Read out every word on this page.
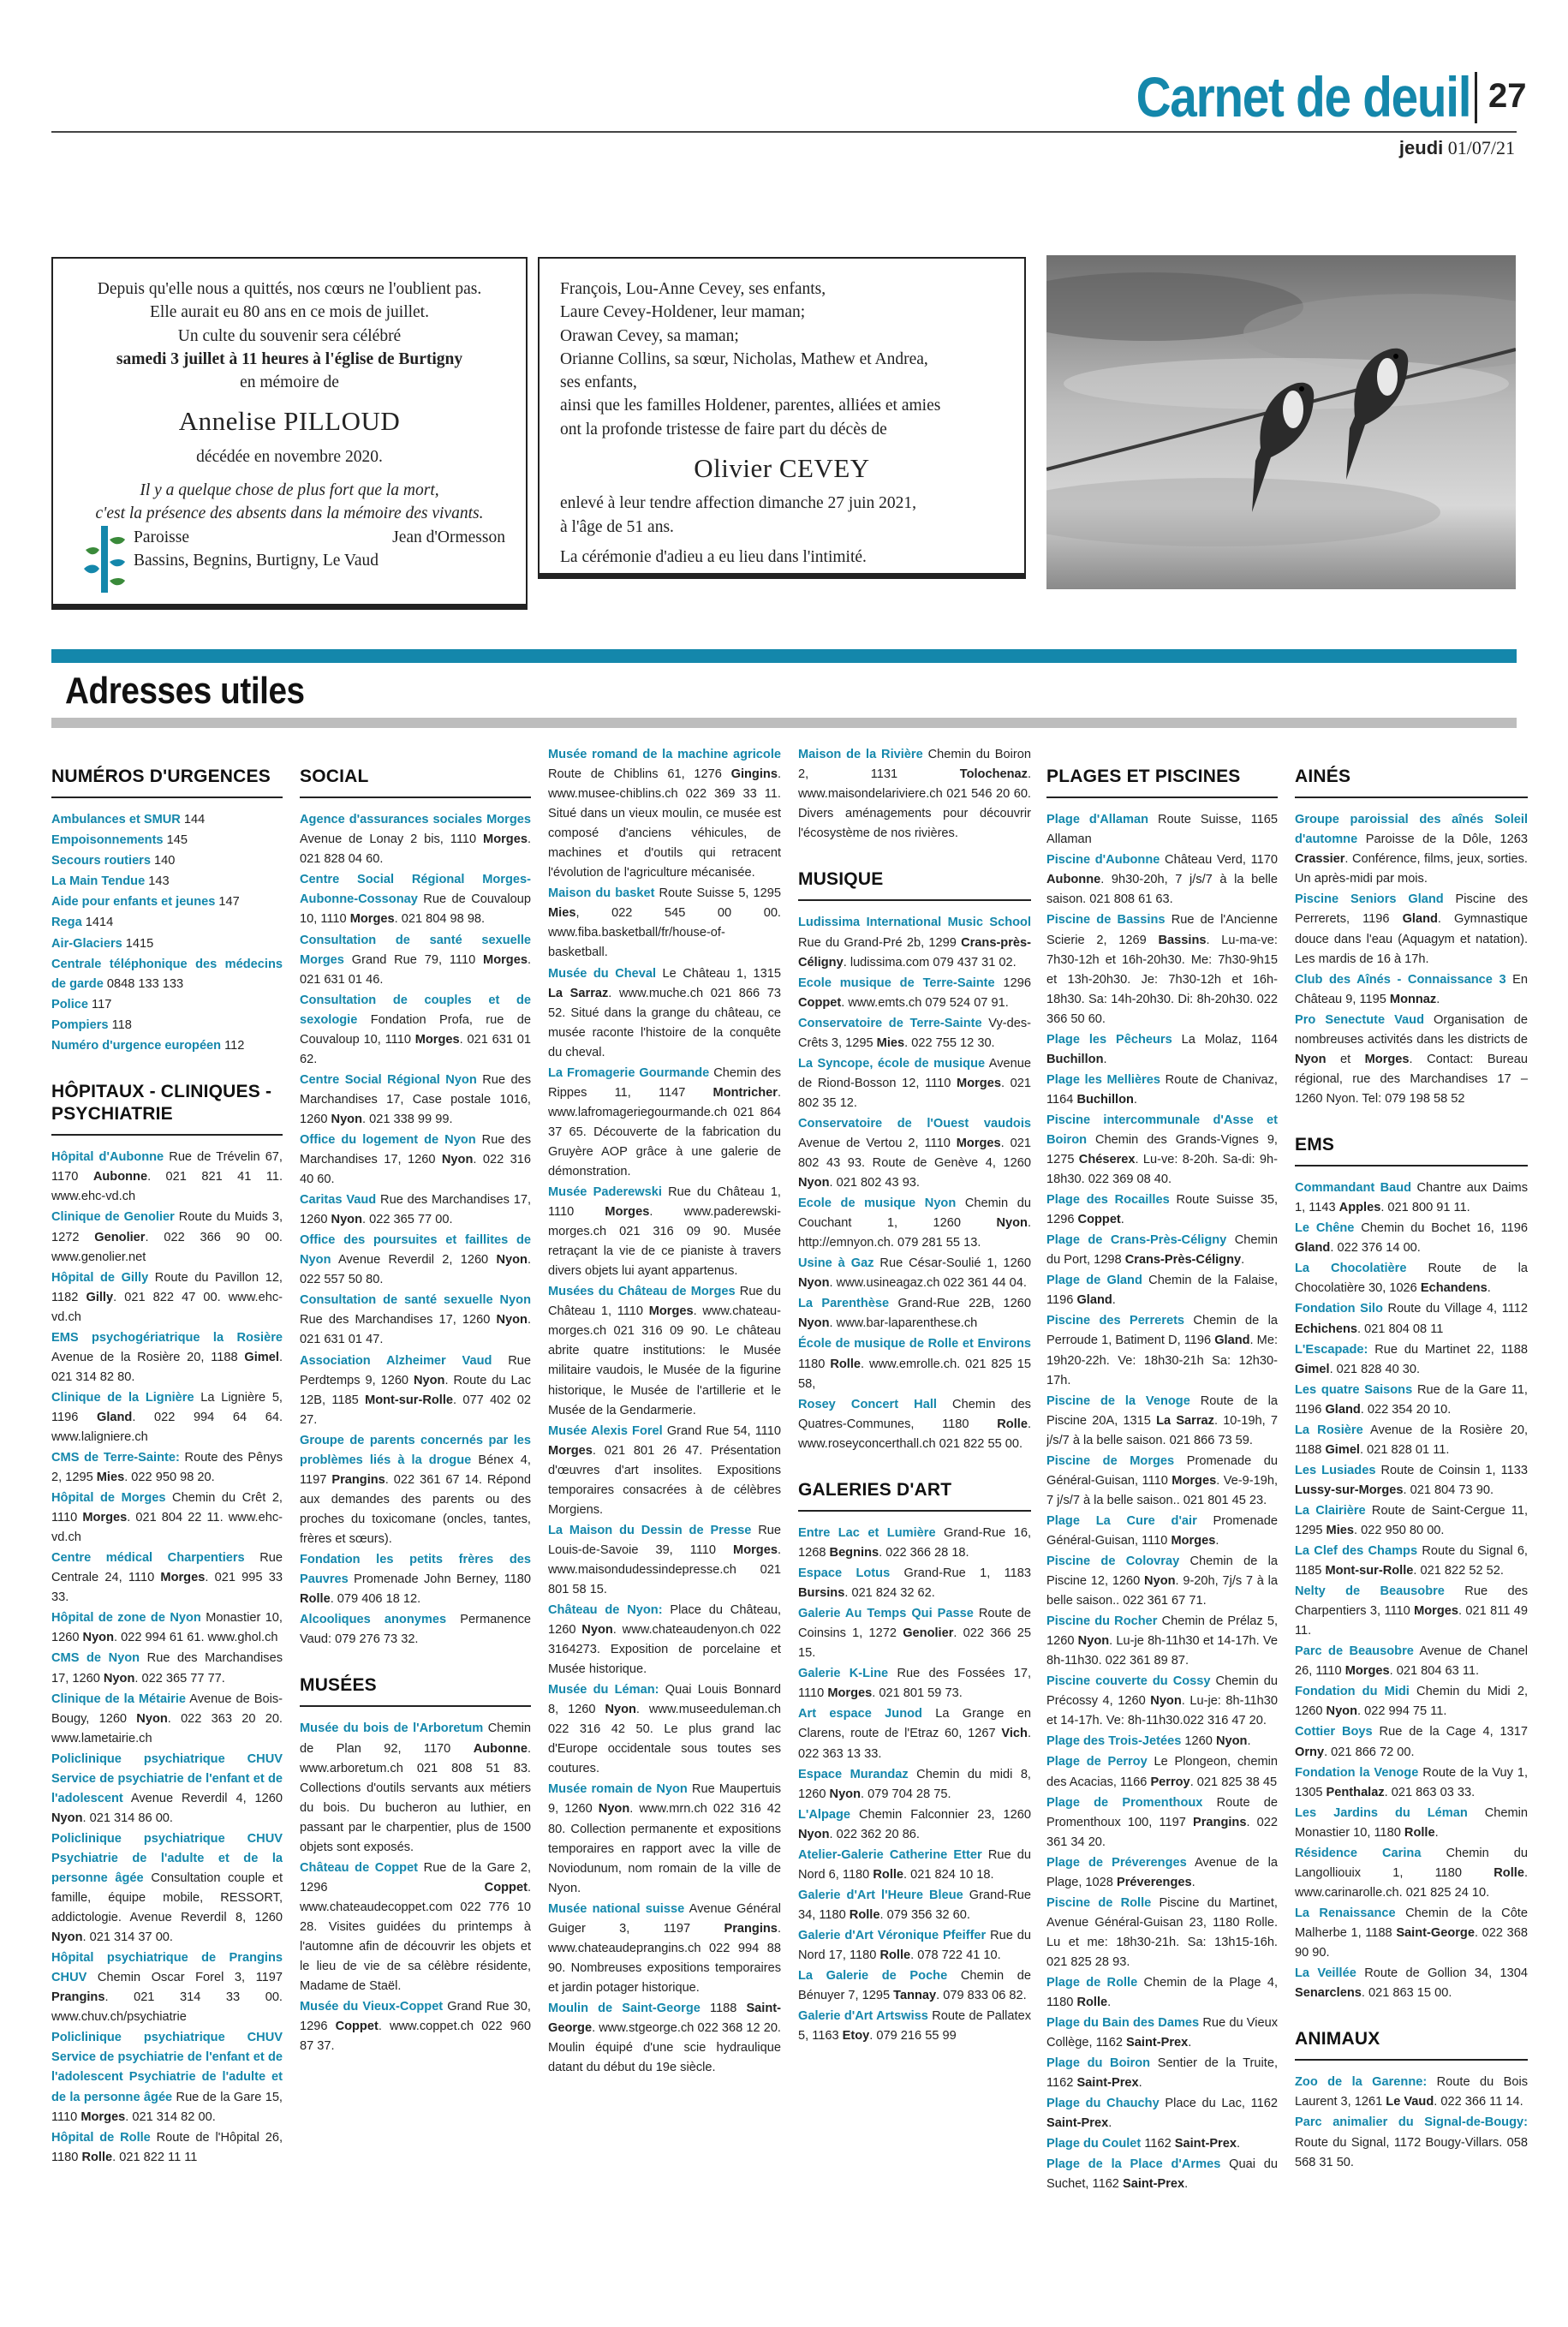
Carnet de deuil 27
jeudi 01/07/21
Depuis qu'elle nous a quittés, nos cœurs ne l'oublient pas.
Elle aurait eu 80 ans en ce mois de juillet.
Un culte du souvenir sera célébré
samedi 3 juillet à 11 heures à l'église de Burtigny
en mémoire de
Annelise PILLOUD
décédée en novembre 2020.
Il y a quelque chose de plus fort que la mort,
c'est la présence des absents dans la mémoire des vivants.
Jean d'Ormesson
Paroisse
Bassins, Begnins, Burtigny, Le Vaud

François, Lou-Anne Cevey, ses enfants,

Laure Cevey-Holdener, leur maman;

Orawan Cevey, sa maman;

Orianne Collins, sa sœur, Nicholas, Mathew et Andrea,

ses enfants,

ainsi que les familles Holdener, parentes, alliées et amies

ont la profonde tristesse de faire part du décès de

Olivier CEVEY

enlevé à leur tendre affection dimanche 27 juin 2021,

à l'âge de 51 ans.

La cérémonie d'adieu a eu lieu dans l'intimité.

Adresses utiles
NUMÉROS D'URGENCES
Ambulances et SMUR 144
Empoisonnements 145
Secours routiers 140
La Main Tendue 143
Aide pour enfants et jeunes 147
Rega 1414
Air-Glaciers 1415
Centrale téléphonique des médecins de garde 0848 133 133
Police 117
Pompiers 118
Numéro d'urgence européen 112
HÔPITAUX - CLINIQUES - PSYCHIATRIE
Hôpital d'Aubonne Rue de Trévelin 67, 1170 Aubonne. 021 821 41 11. www.ehc-vd.ch
Clinique de Genolier Route du Muids 3, 1272 Genolier. 022 366 90 00. www.genolier.net
Hôpital de Gilly Route du Pavillon 12, 1182 Gilly. 021 822 47 00. www.ehc-vd.ch
EMS psychogériatrique la Rosière Avenue de la Rosière 20, 1188 Gimel. 021 314 82 80.
Clinique de la Lignière La Lignière 5, 1196 Gland. 022 994 64 64. www.laligniere.ch
CMS de Terre-Sainte: Route des Pênys 2, 1295 Mies. 022 950 98 20.
Hôpital de Morges Chemin du Crêt 2, 1110 Morges. 021 804 22 11. www.ehc-vd.ch
Centre médical Charpentiers Rue Centrale 24, 1110 Morges. 021 995 33 33.
Hôpital de zone de Nyon Monastier 10, 1260 Nyon. 022 994 61 61. www.ghol.ch
CMS de Nyon Rue des Marchandises 17, 1260 Nyon. 022 365 77 77.
Clinique de la Métairie Avenue de Bois-Bougy, 1260 Nyon. 022 363 20 20. www.lametairie.ch
Policlinique psychiatrique CHUV Service de psychiatrie de l'enfant et de l'adolescent Avenue Reverdil 4, 1260 Nyon. 021 314 86 00.
Policlinique psychiatrique CHUV Psychiatrie de l'adulte et de la personne âgée Consultation couple et famille, équipe mobile, RESSORT, addictologie. Avenue Reverdil 8, 1260 Nyon. 021 314 37 00.
Hôpital psychiatrique de Prangins CHUV Chemin Oscar Forel 3, 1197 Prangins. 021 314 33 00. www.chuv.ch/psychiatrie
Policlinique psychiatrique CHUV Service de psychiatrie de l'enfant et de l'adolescent Psychiatrie de l'adulte et de la personne âgée Rue de la Gare 15, 1110 Morges. 021 314 82 00.
Hôpital de Rolle Route de l'Hôpital 26, 1180 Rolle. 021 822 11 11
SOCIAL
Agence d'assurances sociales Morges Avenue de Lonay 2 bis, 1110 Morges. 021 828 04 60.
Centre Social Régional Morges-Aubonne-Cossonay Rue de Couvaloup 10, 1110 Morges. 021 804 98 98.
Consultation de santé sexuelle Morges Grand Rue 79, 1110 Morges. 021 631 01 46.
Consultation de couples et de sexologie Fondation Profa, rue de Couvaloup 10, 1110 Morges. 021 631 01 62.
Centre Social Régional Nyon Rue des Marchandises 17, Case postale 1016, 1260 Nyon. 021 338 99 99.
Office du logement de Nyon Rue des Marchandises 17, 1260 Nyon. 022 316 40 60.
Caritas Vaud Rue des Marchandises 17, 1260 Nyon. 022 365 77 00.
Office des poursuites et faillites de Nyon Avenue Reverdil 2, 1260 Nyon. 022 557 50 80.
Consultation de santé sexuelle Nyon Rue des Marchandises 17, 1260 Nyon. 021 631 01 47.
Association Alzheimer Vaud Rue Perdtemps 9, 1260 Nyon. Route du Lac 12B, 1185 Mont-sur-Rolle. 077 402 02 27.
Groupe de parents concernés par les problèmes liés à la drogue Bénex 4, 1197 Prangins. 022 361 67 14. Répond aux demandes des parents ou des proches du toxicomane (oncles, tantes, frères et sœurs).
Fondation les petits frères des Pauvres Promenade John Berney, 1180 Rolle. 079 406 18 12.
Alcooliques anonymes Permanence Vaud: 079 276 73 32.
MUSÉES
Musée du bois de l'Arboretum Chemin de Plan 92, 1170 Aubonne. www.arboretum.ch 021 808 51 83. Collections d'outils servants aux métiers du bois. Du bucheron au luthier, en passant par le charpentier, plus de 1500 objets sont exposés.
Château de Coppet Rue de la Gare 2, 1296 Coppet. www.chateaudecoppet.com 022 776 10 28. Visites guidées du printemps à l'automne afin de découvrir les objets et le lieu de vie de sa célèbre résidente, Madame de Staël.
Musée du Vieux-Coppet Grand Rue 30, 1296 Coppet. www.coppet.ch 022 960 87 37.
Musée romand de la machine agricole Route de Chiblins 61, 1276 Gingins. www.musee-chiblins.ch 022 369 33 11. Situé dans un vieux moulin, ce musée est composé d'anciens véhicules, de machines et d'outils qui retracent l'évolution de l'agriculture mécanisée.
Maison du basket Route Suisse 5, 1295 Mies, 022 545 00 00. www.fiba.basketball/fr/house-of-basketball.
Musée du Cheval Le Château 1, 1315 La Sarraz. www.muche.ch 021 866 73 52. Situé dans la grange du château, ce musée raconte l'histoire de la conquête du cheval.
La Fromagerie Gourmande Chemin des Rippes 11, 1147 Montricher. www.lafromageriegourmande.ch 021 864 37 65. Découverte de la fabrication du Gruyère AOP grâce à une galerie de démonstration.
Musée Paderewski Rue du Château 1, 1110 Morges. www.paderewski-morges.ch 021 316 09 90. Musée retraçant la vie de ce pianiste à travers divers objets lui ayant appartenus.
Musées du Château de Morges Rue du Château 1, 1110 Morges. www.chateau-morges.ch 021 316 09 90. Le château abrite quatre institutions: le Musée militaire vaudois, le Musée de la figurine historique, le Musée de l'artillerie et le Musée de la Gendarmerie.
Musée Alexis Forel Grand Rue 54, 1110 Morges. 021 801 26 47. Présentation d'œuvres d'art insolites. Expositions temporaires consacrées à de célèbres Morgiens.
La Maison du Dessin de Presse Rue Louis-de-Savoie 39, 1110 Morges. www.maisondudessindepresse.ch 021 801 58 15.
Château de Nyon: Place du Château, 1260 Nyon. www.chateaudenyon.ch 022 3164273. Exposition de porcelaine et Musée historique.
Musée du Léman: Quai Louis Bonnard 8, 1260 Nyon. www.museeduleman.ch 022 316 42 50. Le plus grand lac d'Europe occidentale sous toutes ses coutures.
Musée romain de Nyon Rue Maupertuis 9, 1260 Nyon. www.mrn.ch 022 316 42 80. Collection permanente et expositions temporaires en rapport avec la ville de Noviodunum, nom romain de la ville de Nyon.
Musée national suisse Avenue Général Guiger 3, 1197 Prangins. www.chateaudeprangins.ch 022 994 88 90. Nombreuses expositions temporaires et jardin potager historique.
Moulin de Saint-George 1188 Saint-George. www.stgeorge.ch 022 368 12 20. Moulin équipé d'une scie hydraulique datant du début du 19e siècle.
Maison de la Rivière Chemin du Boiron 2, 1131 Tolochenaz. www.maisondelariviere.ch 021 546 20 60. Divers aménagements pour découvrir l'écosystème de nos rivières.
MUSIQUE
Ludissima International Music School Rue du Grand-Pré 2b, 1299 Crans-près-Céligny. ludissima.com 079 437 31 02.
Ecole musique de Terre-Sainte 1296 Coppet. www.emts.ch 079 524 07 91.
Conservatoire de Terre-Sainte Vy-des-Crêts 3, 1295 Mies. 022 755 12 30.
La Syncope, école de musique Avenue de Riond-Bosson 12, 1110 Morges. 021 802 35 12.
Conservatoire de l'Ouest vaudois Avenue de Vertou 2, 1110 Morges. 021 802 43 93. Route de Genève 4, 1260 Nyon. 021 802 43 93.
Ecole de musique Nyon Chemin du Couchant 1, 1260 Nyon. http://emnyon.ch. 079 281 55 13.
Usine à Gaz Rue César-Soulié 1, 1260 Nyon. www.usineagaz.ch 022 361 44 04.
La Parenthèse Grand-Rue 22B, 1260 Nyon. www.bar-laparenthese.ch
École de musique de Rolle et Environs 1180 Rolle. www.emrolle.ch. 021 825 15 58,
Rosey Concert Hall Chemin des Quatres-Communes, 1180 Rolle. www.roseyconcerthall.ch 021 822 55 00.
GALERIES D'ART
Entre Lac et Lumière Grand-Rue 16, 1268 Begnins. 022 366 28 18.
Espace Lotus Grand-Rue 1, 1183 Bursins. 021 824 32 62.
Galerie Au Temps Qui Passe Route de Coinsins 1, 1272 Genolier. 022 366 25 15.
Galerie K-Line Rue des Fossées 17, 1110 Morges. 021 801 59 73.
Art espace Junod La Grange en Clarens, route de l'Etraz 60, 1267 Vich. 022 363 13 33.
Espace Murandaz Chemin du midi 8, 1260 Nyon. 079 704 28 75.
L'Alpage Chemin Falconnier 23, 1260 Nyon. 022 362 20 86.
Atelier-Galerie Catherine Etter Rue du Nord 6, 1180 Rolle. 021 824 10 18.
Galerie d'Art l'Heure Bleue Grand-Rue 34, 1180 Rolle. 079 356 32 60.
Galerie d'Art Véronique Pfeiffer Rue du Nord 17, 1180 Rolle. 078 722 41 10.
La Galerie de Poche Chemin de Bénuyer 7, 1295 Tannay. 079 833 06 82.
Galerie d'Art Artswiss Route de Pallatex 5, 1163 Etoy. 079 216 55 99
PLAGES ET PISCINES
Plage d'Allaman Route Suisse, 1165 Allaman
Piscine d'Aubonne Château Verd, 1170 Aubonne. 9h30-20h, 7 j/s/7 à la belle saison. 021 808 61 63.
Piscine de Bassins Rue de l'Ancienne Scierie 2, 1269 Bassins. Lu-ma-ve: 7h30-12h et 16h-20h30. Me: 7h30-9h15 et 13h-20h30. Je: 7h30-12h et 16h-18h30. Sa: 14h-20h30. Di: 8h-20h30. 022 366 50 60.
Plage les Pêcheurs La Molaz, 1164 Buchillon.
Plage les Mellières Route de Chanivaz, 1164 Buchillon.
Piscine intercommunale d'Asse et Boiron Chemin des Grands-Vignes 9, 1275 Chéserex. Lu-ve: 8-20h. Sa-di: 9h-18h30. 022 369 08 40.
Plage des Rocailles Route Suisse 35, 1296 Coppet.
Plage de Crans-Près-Céligny Chemin du Port, 1298 Crans-Près-Céligny.
Plage de Gland Chemin de la Falaise, 1196 Gland.
Piscine des Perrerets Chemin de la Perroude 1, Batiment D, 1196 Gland. Me: 19h20-22h. Ve: 18h30-21h Sa: 12h30-17h.
Piscine de la Venoge Route de la Piscine 20A, 1315 La Sarraz. 10-19h, 7 j/s/7 à la belle saison. 021 866 73 59.
Piscine de Morges Promenade du Général-Guisan, 1110 Morges. Ve-9-19h, 7 j/s/7 à la belle saison.. 021 801 45 23.
Plage La Cure d'air Promenade Général-Guisan, 1110 Morges.
Piscine de Colovray Chemin de la Piscine 12, 1260 Nyon. 9-20h, 7j/s 7 à la belle saison.. 022 361 67 71.
Piscine du Rocher Chemin de Prélaz 5, 1260 Nyon. Lu-je 8h-11h30 et 14-17h. Ve 8h-11h30. 022 361 89 87.
Piscine couverte du Cossy Chemin du Précossy 4, 1260 Nyon. Lu-je: 8h-11h30 et 14-17h. Ve: 8h-11h30.022 316 47 20.
Plage des Trois-Jetées 1260 Nyon.
Plage de Perroy Le Plongeon, chemin des Acacias, 1166 Perroy. 021 825 38 45
Plage de Promenthoux Route de Promenthoux 100, 1197 Prangins. 022 361 34 20.
Plage de Préverenges Avenue de la Plage, 1028 Préverenges.
Piscine de Rolle Piscine du Martinet, Avenue Général-Guisan 23, 1180 Rolle. Lu et me: 18h30-21h. Sa: 13h15-16h. 021 825 28 93.
Plage de Rolle Chemin de la Plage 4, 1180 Rolle.
Plage du Bain des Dames Rue du Vieux Collège, 1162 Saint-Prex.
Plage du Boiron Sentier de la Truite, 1162 Saint-Prex.
Plage du Chauchy Place du Lac, 1162 Saint-Prex.
Plage du Coulet 1162 Saint-Prex.
Plage de la Place d'Armes Quai du Suchet, 1162 Saint-Prex.
AINÉS
Groupe paroissial des aînés Soleil d'automne Paroisse de la Dôle, 1263 Crassier. Conférence, films, jeux, sorties. Un après-midi par mois.
Piscine Seniors Gland Piscine des Perrerets, 1196 Gland. Gymnastique douce dans l'eau (Aquagym et natation). Les mardis de 16 à 17h.
Club des Aînés - Connaissance 3 En Château 9, 1195 Monnaz.
Pro Senectute Vaud Organisation de nombreuses activités dans les districts de Nyon et Morges. Contact: Bureau régional, rue des Marchandises 17 – 1260 Nyon. Tel: 079 198 58 52
EMS
Commandant Baud Chantre aux Daims 1, 1143 Apples. 021 800 91 11.
Le Chêne Chemin du Bochet 16, 1196 Gland. 022 376 14 00.
La Chocolatière Route de la Chocolatière 30, 1026 Echandens.
Fondation Silo Route du Village 4, 1112 Echichens. 021 804 08 11
L'Escapade: Rue du Martinet 22, 1188 Gimel. 021 828 40 30.
Les quatre Saisons Rue de la Gare 11, 1196 Gland. 022 354 20 10.
La Rosière Avenue de la Rosière 20, 1188 Gimel. 021 828 01 11.
Les Lusiades Route de Coinsin 1, 1133 Lussy-sur-Morges. 021 804 73 90.
La Clairière Route de Saint-Cergue 11, 1295 Mies. 022 950 80 00.
La Clef des Champs Route du Signal 6, 1185 Mont-sur-Rolle. 021 822 52 52.
Nelty de Beausobre Rue des Charpentiers 3, 1110 Morges. 021 811 49 11.
Parc de Beausobre Avenue de Chanel 26, 1110 Morges. 021 804 63 11.
Fondation du Midi Chemin du Midi 2, 1260 Nyon. 022 994 75 11.
Cottier Boys Rue de la Cage 4, 1317 Orny. 021 866 72 00.
Fondation la Venoge Route de la Vuy 1, 1305 Penthalaz. 021 863 03 33.
Les Jardins du Léman Chemin Monastier 10, 1180 Rolle.
Résidence Carina Chemin du Langolliouix 1, 1180 Rolle. www.carinarolle.ch. 021 825 24 10.
La Renaissance Chemin de la Côte Malherbe 1, 1188 Saint-George. 022 368 90 90.
La Veillée Route de Gollion 34, 1304 Senarclens. 021 863 15 00.
ANIMAUX
Zoo de la Garenne: Route du Bois Laurent 3, 1261 Le Vaud. 022 366 11 14.
Parc animalier du Signal-de-Bougy: Route du Signal, 1172 Bougy-Villars. 058 568 31 50.
